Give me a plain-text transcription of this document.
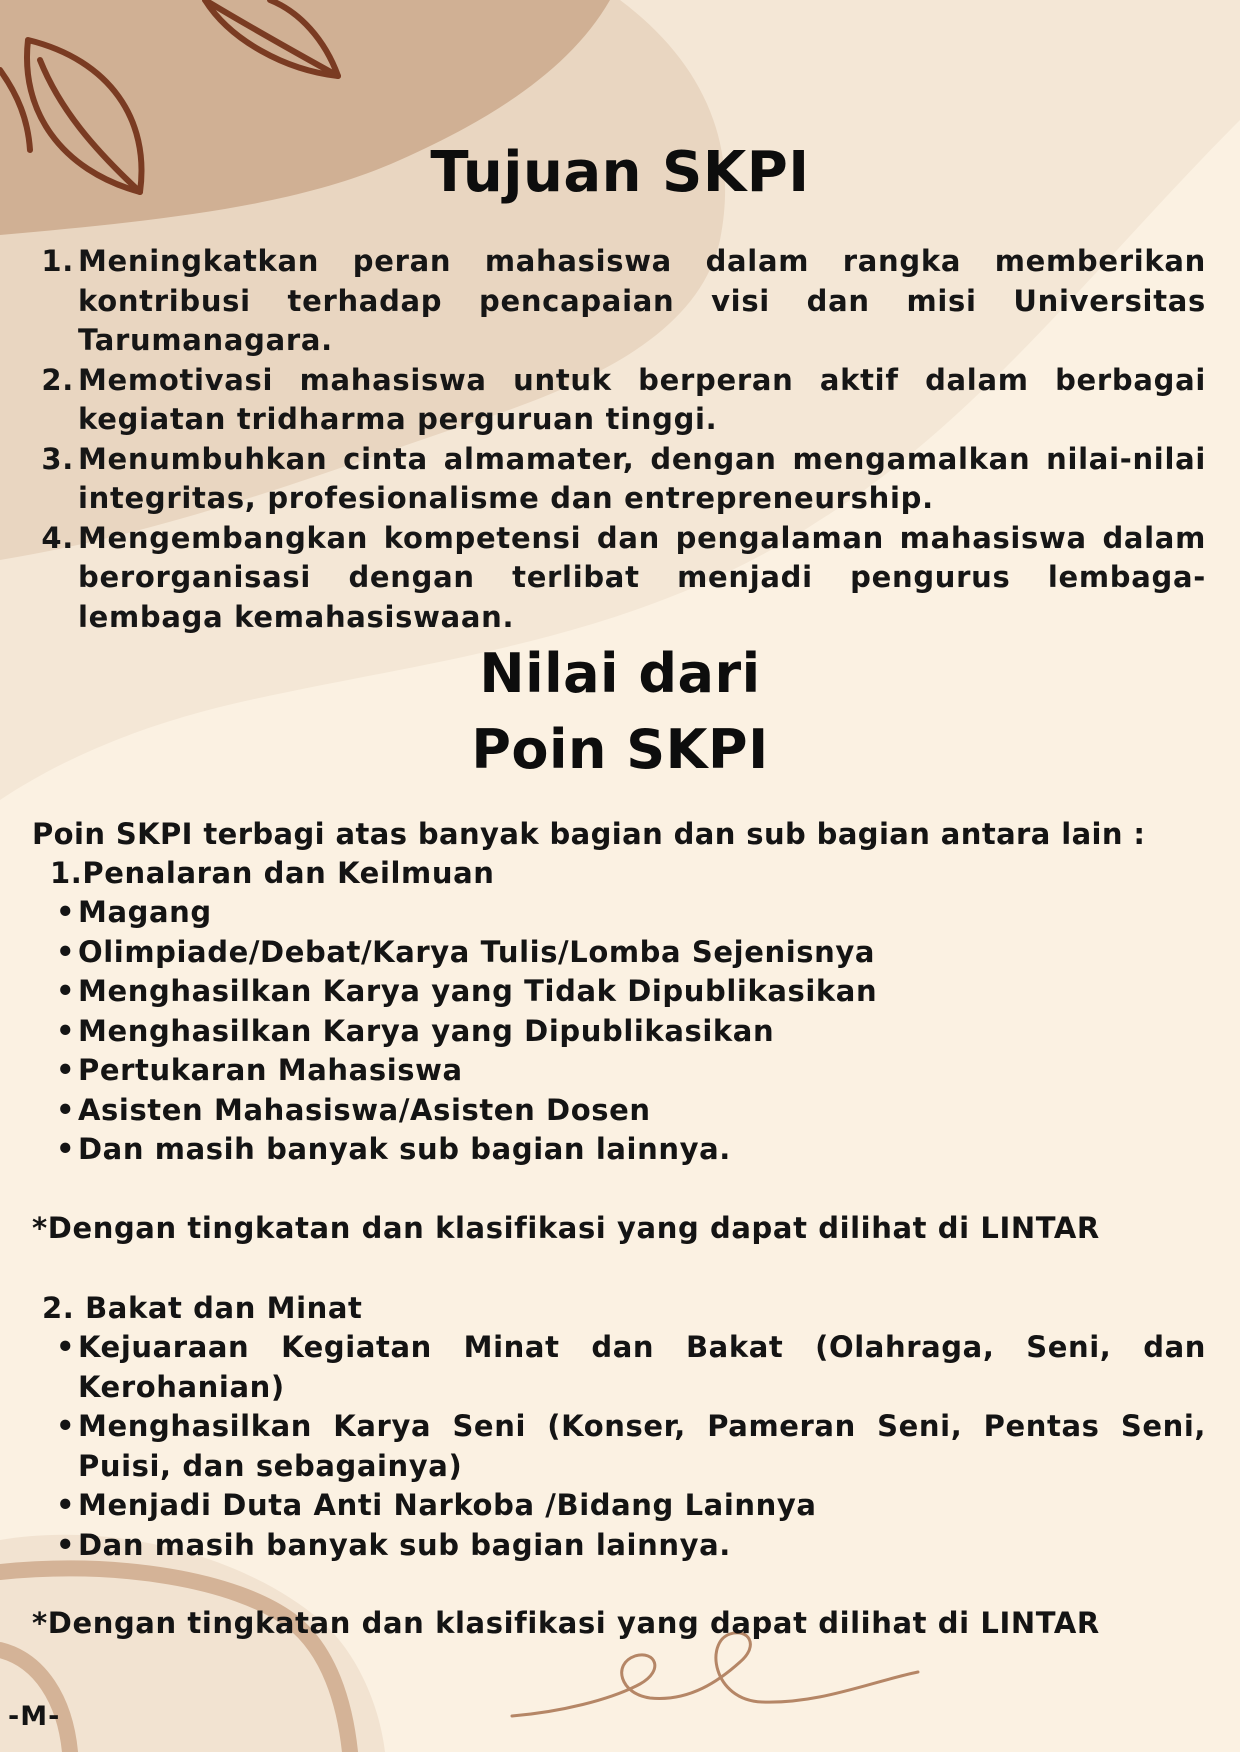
Tujuan SKPI
1. Meningkatkan peran mahasiswa dalam rangka memberikan kontribusi terhadap pencapaian visi dan misi Universitas Tarumanagara.
2. Memotivasi mahasiswa untuk berperan aktif dalam berbagai kegiatan tridharma perguruan tinggi.
3. Menumbuhkan cinta almamater, dengan mengamalkan nilai-nilai integritas, profesionalisme dan entrepreneurship.
4. Mengembangkan kompetensi dan pengalaman mahasiswa dalam berorganisasi dengan terlibat menjadi pengurus lembaga-lembaga kemahasiswaan.
Nilai dari
Poin SKPI
Poin SKPI terbagi atas banyak bagian dan sub bagian antara lain :
1.Penalaran dan Keilmuan
• Magang
• Olimpiade/Debat/Karya Tulis/Lomba Sejenisnya
• Menghasilkan Karya yang Tidak Dipublikasikan
• Menghasilkan Karya yang Dipublikasikan
• Pertukaran Mahasiswa
• Asisten Mahasiswa/Asisten Dosen
• Dan masih banyak sub bagian lainnya.
*Dengan tingkatan dan klasifikasi yang dapat dilihat di LINTAR
2. Bakat dan Minat
• Kejuaraan Kegiatan Minat dan Bakat (Olahraga, Seni, dan Kerohanian)
• Menghasilkan Karya Seni (Konser, Pameran Seni, Pentas Seni, Puisi, dan sebagainya)
• Menjadi Duta Anti Narkoba /Bidang Lainnya
• Dan masih banyak sub bagian lainnya.
*Dengan tingkatan dan klasifikasi yang dapat dilihat di LINTAR
-M-
